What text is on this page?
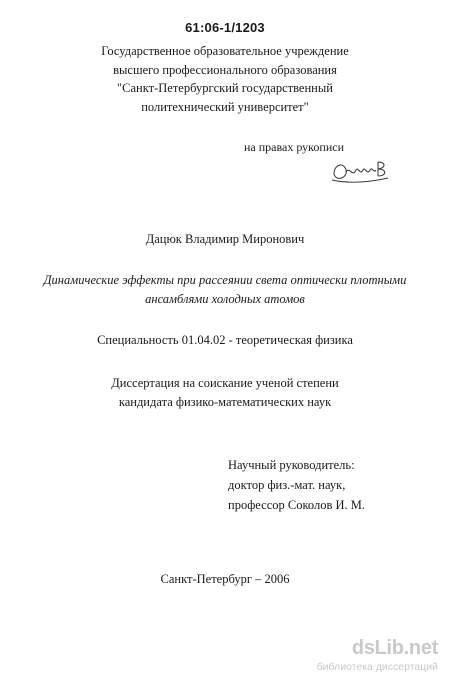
61:06-1/1203
Государственное образовательное учреждение
высшего профессионального образования
"Санкт-Петербургский государственный
политехнический университет"
на правах рукописи
Дацюк Владимир Миронович
Динамические эффекты при рассеянии света оптически плотными
ансамблями холодных атомов
Специальность 01.04.02 - теоретическая физика
Диссертация на соискание ученой степени
кандидата физико-математических наук
Научный руководитель:
доктор физ.-мат. наук,
профессор Соколов И. М.
Санкт-Петербург – 2006
dsLib.net
библиотека диссертаций
